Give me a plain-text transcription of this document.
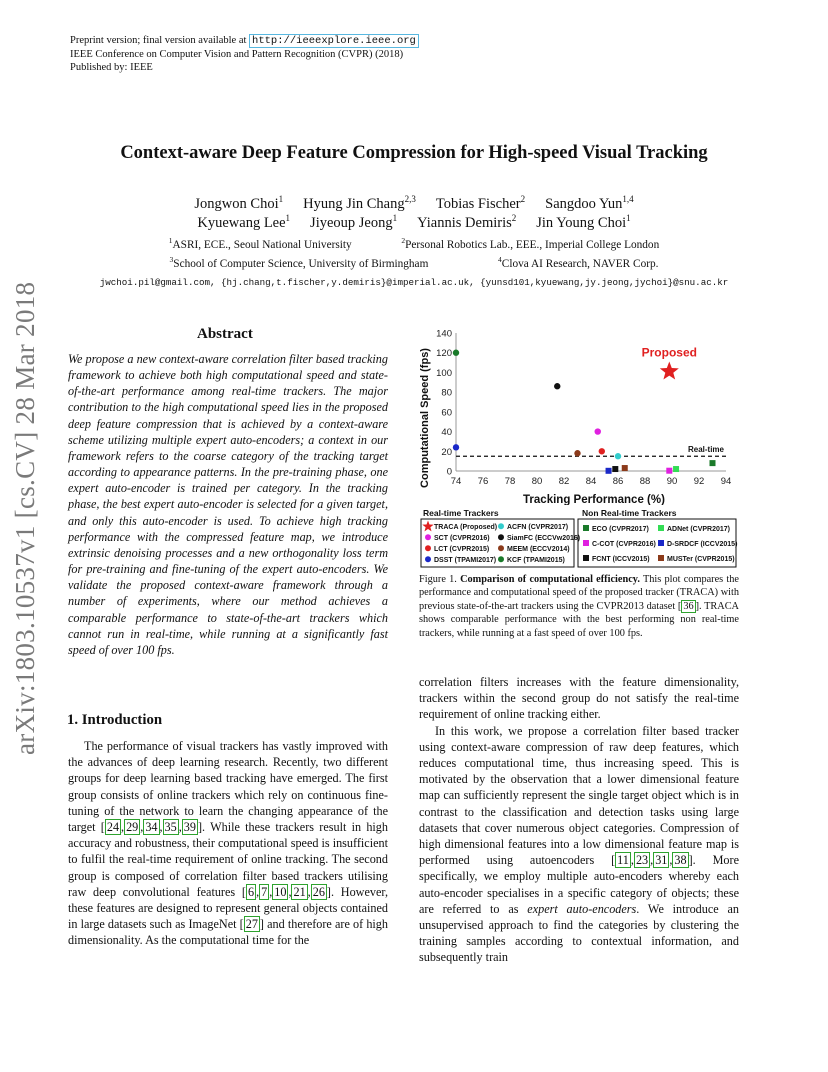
Preprint version; final version available at http://ieeexplore.ieee.org
IEEE Conference on Computer Vision and Pattern Recognition (CVPR) (2018)
Published by: IEEE
arXiv:1803.10537v1 [cs.CV] 28 Mar 2018
Context-aware Deep Feature Compression for High-speed Visual Tracking
Jongwon Choi$^1$ Hyung Jin Chang$^{2,3}$ Tobias Fischer$^2$ Sangdoo Yun$^{1,4}$
Kyuewang Lee$^1$ Jiyeoup Jeong$^1$ Yiannis Demiris$^2$ Jin Young Choi$^1$
$^1$ASRI, ECE., Seoul National University	$^2$Personal Robotics Lab., EEE., Imperial College London
$^3$School of Computer Science, University of Birmingham	$^4$Clova AI Research, NAVER Corp.
jwchoi.pil@gmail.com, {hj.chang,t.fischer,y.demiris}@imperial.ac.uk, {yunsd101,kyuewang,jy.jeong,jychoi}@snu.ac.kr
Abstract
We propose a new context-aware correlation filter based tracking framework to achieve both high computational speed and state-of-the-art performance among real-time trackers. The major contribution to the high computational speed lies in the proposed deep feature compression that is achieved by a context-aware scheme utilizing multiple expert auto-encoders; a context in our framework refers to the coarse category of the tracking target according to appearance patterns. In the pre-training phase, one expert auto-encoder is trained per category. In the tracking phase, the best expert auto-encoder is selected for a given target, and only this auto-encoder is used. To achieve high tracking performance with the compressed feature map, we introduce extrinsic denoising processes and a new orthogonality loss term for pre-training and fine-tuning of the expert auto-encoders. We validate the proposed context-aware framework through a number of experiments, where our method achieves a comparable performance to state-of-the-art trackers which cannot run in real-time, while running at a significantly fast speed of over 100 fps.
1. Introduction

The performance of visual trackers has vastly improved with the advances of deep learning research. Recently, two different groups for deep learning based tracking have emerged. The first group consists of online trackers which rely on continuous fine-tuning of the network to learn the changing appearance of the target [ 24 , 29 , 34 , 35 , 39 ]. While these trackers result in high accuracy and robustness, their computational speed is insufficient to fulfil the real-time requirement of online tracking. The second group is composed of correlation filter based trackers utilising raw deep convolutional features [ 6 , 7 , 10 , 21 , 26 ]. However, these features are designed to represent general objects contained in large datasets such as ImageNet [ 27 ] and therefore are of high dimensionality. As the computational time for the

74 76 78 80 82 84 86 88 90 92 94
0
20
40
60
80
100
120
140
Real-time
Proposed
Computational Speed (fps)
Tracking Performance (%)
Real-time Trackers	Non Real-time Trackers
TRACA (Proposed) ACFN (CVPR2017)
SCT (CVPR2016) SiamFC (ECCVw2016)
LCT (CVPR2015)	MEEM (ECCV2014)
DSST (TPAMI2017) KCF (TPAMI2015)
ECO (CVPR2017)	ADNet (CVPR2017)
C-COT (CVPR2016) D-SRDCF (ICCV2015)
FCNT (ICCV2015) MUSTer (CVPR2015)
Figure 1. Comparison of computational efficiency. This plot compares the performance and computational speed of the proposed tracker (TRACA) with previous state-of-the-art trackers using the CVPR2013 dataset [ 36 ]. TRACA shows comparable performance with the best performing non real-time trackers, while running at a fast speed of over 100 fps.

correlation filters increases with the feature dimensionality, trackers within the second group do not satisfy the real-time requirement of online tracking either.

In this work, we propose a correlation filter based tracker using context-aware compression of raw deep features, which reduces computational time, thus increasing speed. This is motivated by the observation that a lower dimensional feature map can sufficiently represent the single target object which is in contrast to the classification and detection tasks using large datasets that cover numerous object categories. Compression of high dimensional features into a low dimensional feature map is performed using autoencoders [ 11 , 23 , 31 , 38 ]. More specifically, we employ multiple auto-encoders whereby each auto-encoder specialises in a specific category of objects; these are referred to as expert auto-encoders. We introduce an unsupervised approach to find the categories by clustering the training samples according to contextual information, and subsequently train
